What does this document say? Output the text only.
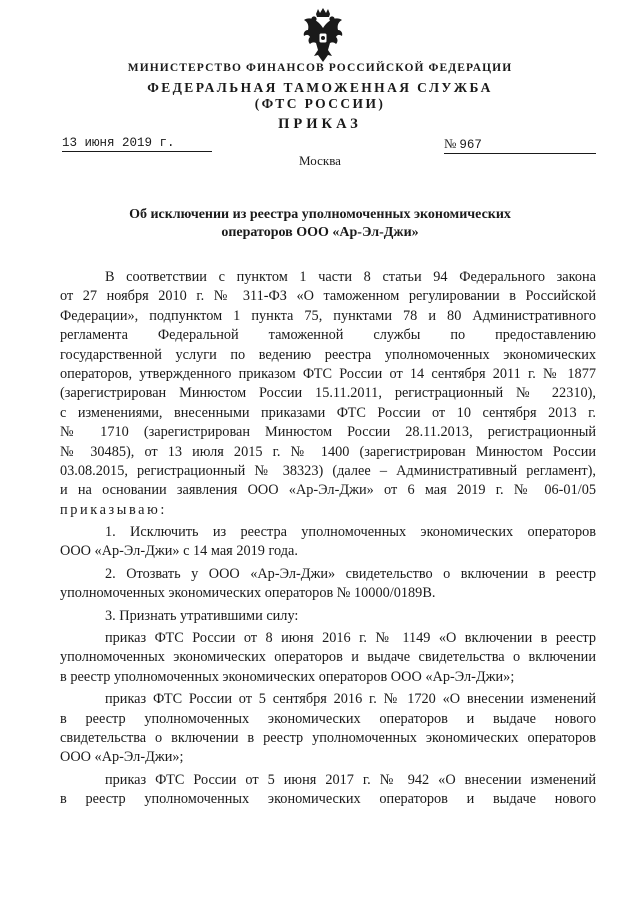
МИНИСТЕРСТВО ФИНАНСОВ РОССИЙСКОЙ ФЕДЕРАЦИИ
ФЕДЕРАЛЬНАЯ ТАМОЖЕННАЯ СЛУЖБА
(ФТС РОССИИ)
ПРИКАЗ
13 июня 2019 г.	№ 967
Москва
Об исключении из реестра уполномоченных экономических
операторов ООО «Ар-Эл-Джи»
В соответствии с пунктом 1 части 8 статьи 94 Федерального закона
от 27 ноября 2010 г. № 311-ФЗ «О таможенном регулировании в Российской
Федерации», подпунктом 1 пункта 75, пунктами 78 и 80 Административного
регламента Федеральной таможенной службы по предоставлению
государственной услуги по ведению реестра уполномоченных экономических
операторов, утвержденного приказом ФТС России от 14 сентября 2011 г. № 1877
(зарегистрирован Минюстом России 15.11.2011, регистрационный № 22310),
с изменениями, внесенными приказами ФТС России от 10 сентября 2013 г.
№ 1710 (зарегистрирован Минюстом России 28.11.2013, регистрационный
№ 30485), от 13 июля 2015 г. № 1400 (зарегистрирован Минюстом России
03.08.2015, регистрационный № 38323) (далее – Административный регламент),
и на основании заявления ООО «Ар-Эл-Джи» от 6 мая 2019 г. № 06-01/05
приказываю:
1. Исключить из реестра уполномоченных экономических операторов
ООО «Ар-Эл-Джи» с 14 мая 2019 года.
2. Отозвать у ООО «Ар-Эл-Джи» свидетельство о включении в реестр
уполномоченных экономических операторов № 10000/0189В.
3. Признать утратившими силу:
приказ ФТС России от 8 июня 2016 г. № 1149 «О включении в реестр
уполномоченных экономических операторов и выдаче свидетельства о включении
в реестр уполномоченных экономических операторов ООО «Ар-Эл-Джи»;
приказ ФТС России от 5 сентября 2016 г. № 1720 «О внесении изменений
в реестр уполномоченных экономических операторов и выдаче нового
свидетельства о включении в реестр уполномоченных экономических операторов
ООО «Ар-Эл-Джи»;
приказ ФТС России от 5 июня 2017 г. № 942 «О внесении изменений
в реестр уполномоченных экономических операторов и выдаче нового
